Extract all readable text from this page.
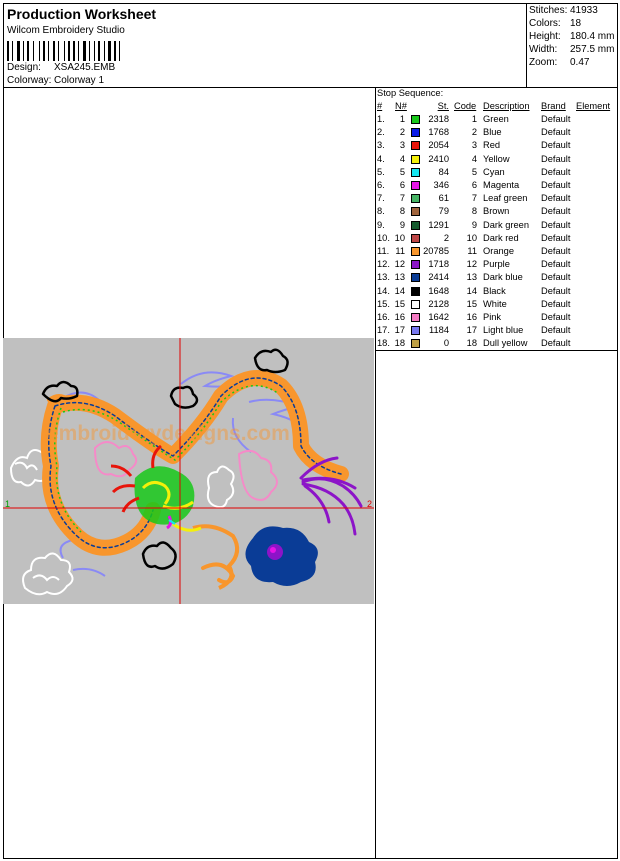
Production Worksheet
Wilcom Embroidery Studio
Design: XSA245.EMB
Colorway: Colorway 1
Stitches: 41933
Colors: 18
Height: 180.4 mm
Width: 257.5 mm
Zoom: 0.47
Stop Sequence:
# N#	St. Code Description Brand Element
1.	1	2318	1 Green	Default
2.	2	1768	2 Blue	Default
3.	3	2054	3 Red	Default
4.	4	2410	4 Yellow	Default
5.	5	84	5 Cyan	Default
6.	6	346	6 Magenta Default
7.	7	61	7 Leaf green Default
8.	8	79	8 Brown	Default
9.	9	1291	9 Dark green Default
10. 10	2	10 Dark red Default
11. 11 20785	11 Orange	Default
12. 12	1718	12 Purple	Default
13. 13	2414	13 Dark blue Default
14. 14	1648	14 Black	Default
15. 15	2128	15 White	Default
16. 16	1642	16 Pink	Default
17. 17	1184	17 Light blue Default
18. 18	0	18 Dull yellow Default
embroiderydesigns.com
1	2
